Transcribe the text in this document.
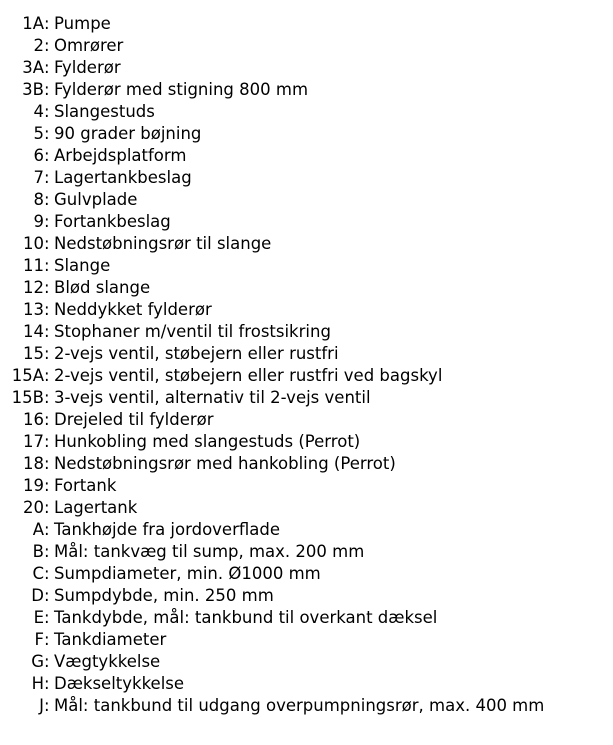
1A : Pumpe
2 : Omrører
3A : Fylderør
3B : Fylderør med stigning 800 mm
4 : Slangestuds
5 : 90 grader bøjning
6 : Arbejdsplatform
7 : Lagertankbeslag
8 : Gulvplade
9 : Fortankbeslag
10 : Nedstøbningsrør til slange
11 : Slange
12 : Blød slange
13 : Neddykket fylderør
14 : Stophaner m/ventil til frostsikring
15 : 2-vejs ventil, støbejern eller rustfri
15A : 2-vejs ventil, støbejern eller rustfri ved bagskyl
15B : 3-vejs ventil, alternativ til 2-vejs ventil
16 : Drejeled til fylderør
17 : Hunkobling med slangestuds (Perrot)
18 : Nedstøbningsrør med hankobling (Perrot)
19 : Fortank
20 : Lagertank
A : Tankhøjde fra jordoverflade
B : Mål: tankvæg til sump, max. 200 mm
C : Sumpdiameter, min. Ø1000 mm
D : Sumpdybde, min. 250 mm
E : Tankdybde, mål: tankbund til overkant dæksel
F : Tankdiameter
G : Vægtykkelse
H : Dækseltykkelse
J : Mål: tankbund til udgang overpumpningsrør, max. 400 mm
